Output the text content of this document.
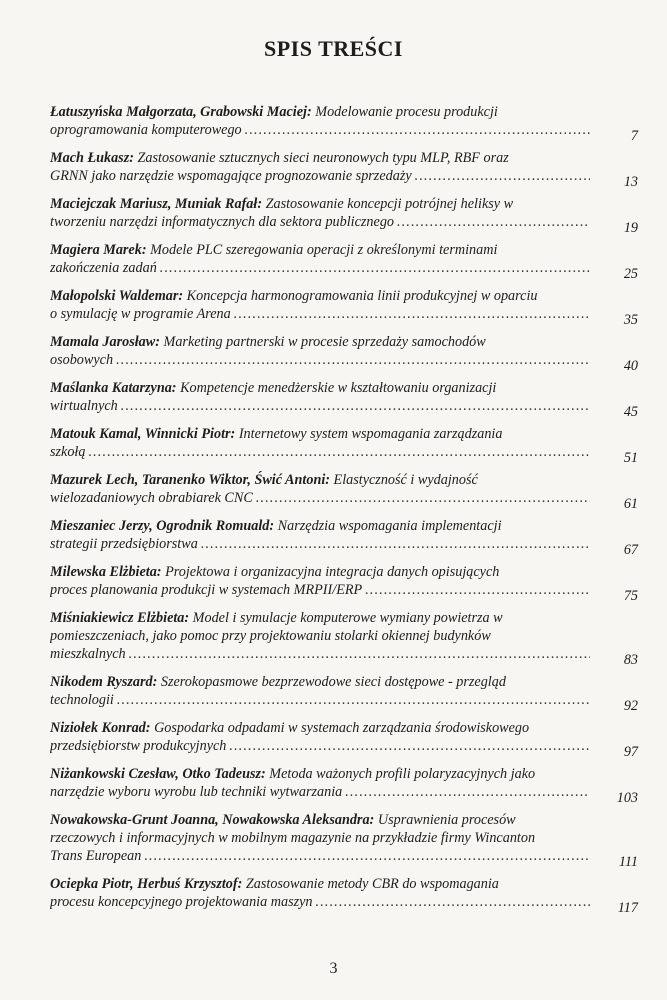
SPIS TREŚCI
Łatuszyńska Małgorzata, Grabowski Maciej: Modelowanie procesu produkcji
oprogramowania komputerowego . . .	7
Mach Łukasz: Zastosowanie sztucznych sieci neuronowych typu MLP, RBF oraz
GRNN jako narzędzie wspomagające prognozowanie sprzedaży . . .	13
Maciejczak Mariusz, Muniak Rafał: Zastosowanie koncepcji potrójnej heliksy w
tworzeniu narzędzi informatycznych dla sektora publicznego . . .	19
Magiera Marek: Modele PLC szeregowania operacji z określonymi terminami
zakończenia zadań . . .	25
Małopolski Waldemar: Koncepcja harmonogramowania linii produkcyjnej w oparciu
o symulację w programie Arena . . .	35
Mamala Jarosław: Marketing partnerski w procesie sprzedaży samochodów
osobowych . . .	40
Maślanka Katarzyna: Kompetencje menedżerskie w kształtowaniu organizacji
wirtualnych . . .	45
Matouk Kamal, Winnicki Piotr: Internetowy system wspomagania zarządzania
szkołą . . .	51
Mazurek Lech, Taranenko Wiktor, Świć Antoni: Elastyczność i wydajność
wielozadaniowych obrabiarek CNC . . .	61
Mieszaniec Jerzy, Ogrodnik Romuald: Narzędzia wspomagania implementacji
strategii przedsiębiorstwa . . .	67
Milewska Elżbieta: Projektowa i organizacyjna integracja danych opisujących
proces planowania produkcji w systemach MRPII/ERP . . .	75
Miśniakiewicz Elżbieta: Model i symulacje komputerowe wymiany powietrza w
pomieszczeniach, jako pomoc przy projektowaniu stolarki okiennej budynków
mieszkalnych . . .	83
Nikodem Ryszard: Szerokopasmowe bezprzewodowe sieci dostępowe - przegląd
technologii . . .	92
Niziołek Konrad: Gospodarka odpadami w systemach zarządzania środowiskowego
przedsiębiorstw produkcyjnych . . .	97
Niżankowski Czesław, Otko Tadeusz: Metoda ważonych profili polaryzacyjnych jako
narzędzie wyboru wyrobu lub techniki wytwarzania . . .	103
Nowakowska-Grunt Joanna, Nowakowska Aleksandra: Usprawnienia procesów
rzeczowych i informacyjnych w mobilnym magazynie na przykładzie firmy Wincanton
Trans European . . .	111
Ociepka Piotr, Herbuś Krzysztof: Zastosowanie metody CBR do wspomagania
procesu koncepcyjnego projektowania maszyn . . .	117
3
